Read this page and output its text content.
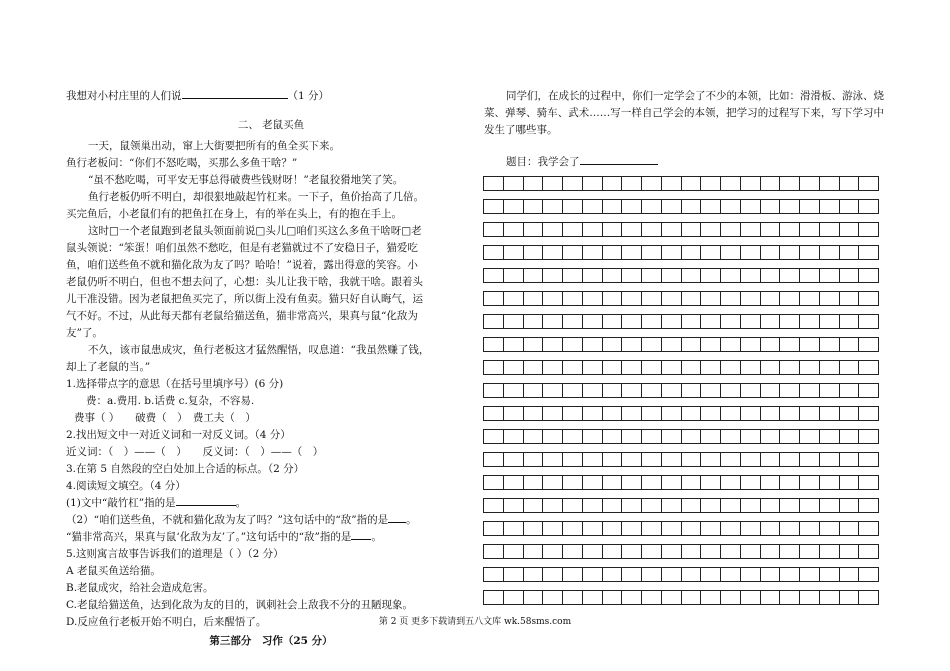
我想对小村庄里的人们说	（1 分）
二、 老鼠买鱼
一天，鼠领巢出动，窜上大街要把所有的鱼全买下来。
鱼行老板问：“你们不怒吃喝，买那么多鱼干啥？”
“虽不愁吃喝，可平安无事总得破费些钱财呀！”老鼠狡猾地笑了笑。
鱼行老板仍听不明白，却很狠地敲起竹杠来。一下子，鱼价抬高了几倍。
买完鱼后，小老鼠们有的把鱼扛在身上，有的举在头上，有的抱在手上。
这时□一个老鼠跑到老鼠头领面前说□头儿□咱们买这么多鱼干啥呀□老
鼠头领说：“笨蛋！咱们虽然不愁吃，但是有老猫就过不了安稳日子，猫爱吃
鱼，咱们送些鱼不就和猫化敌为友了吗？哈哈！”说着，露出得意的笑容。小
老鼠仍听不明白，但也不想去问了，心想：头儿让我干啥，我就干啥。跟着头
儿干准没错。因为老鼠把鱼买完了，所以街上没有鱼卖。猫只好自认晦气，运
气不好。不过，从此每天都有老鼠给猫送鱼，猫非常高兴，果真与鼠“化敌为
友”了。
不久，该市鼠患成灾，鱼行老板这才猛然醒悟，叹息道：“我虽然赚了钱，
却上了老鼠的当。”
1.选择带点字的意思（在括号里填序号）(6 分)
费：a.费用. b.话费 c.复杂，不容易.
费事（ ）　　破费（　）　费工夫（　）
2.找出短文中一对近义词和一对反义词。（4 分）
近义词：（　）——（　）　　反义词：（　）——（　）
3.在第 5 自然段的空白处加上合适的标点。（2 分）
4.阅读短文填空。（4 分）
(1)文中“敲竹杠”指的是	。
（2）“咱们送些鱼，不就和猫化敌为友了吗？”这句话中的“敌”指的是 。
“猫非常高兴，果真与鼠‘化敌为友’了。”这句话中的“敌”指的是 。
5.这则寓言故事告诉我们的道理是（ ）（2 分）
A 老鼠买鱼送给猫。
B.老鼠成灾，给社会造成危害。
C.老鼠给猫送鱼，达到化敌为友的目的，讽刺社会上敌我不分的丑陋现象。
D.反应鱼行老板开始不明白，后来醒悟了。
第三部分　习作（25 分）
同学们，在成长的过程中，你们一定学会了不少的本领，比如：滑滑板、游泳、烧菜、弹琴、骑车、武术……写一样自己学会的本领，把学习的过程写下来，写下学习中发生了哪些事。
题目：我学会了
第 2 页 更多下载请到五八文库 wk.58sms.com
